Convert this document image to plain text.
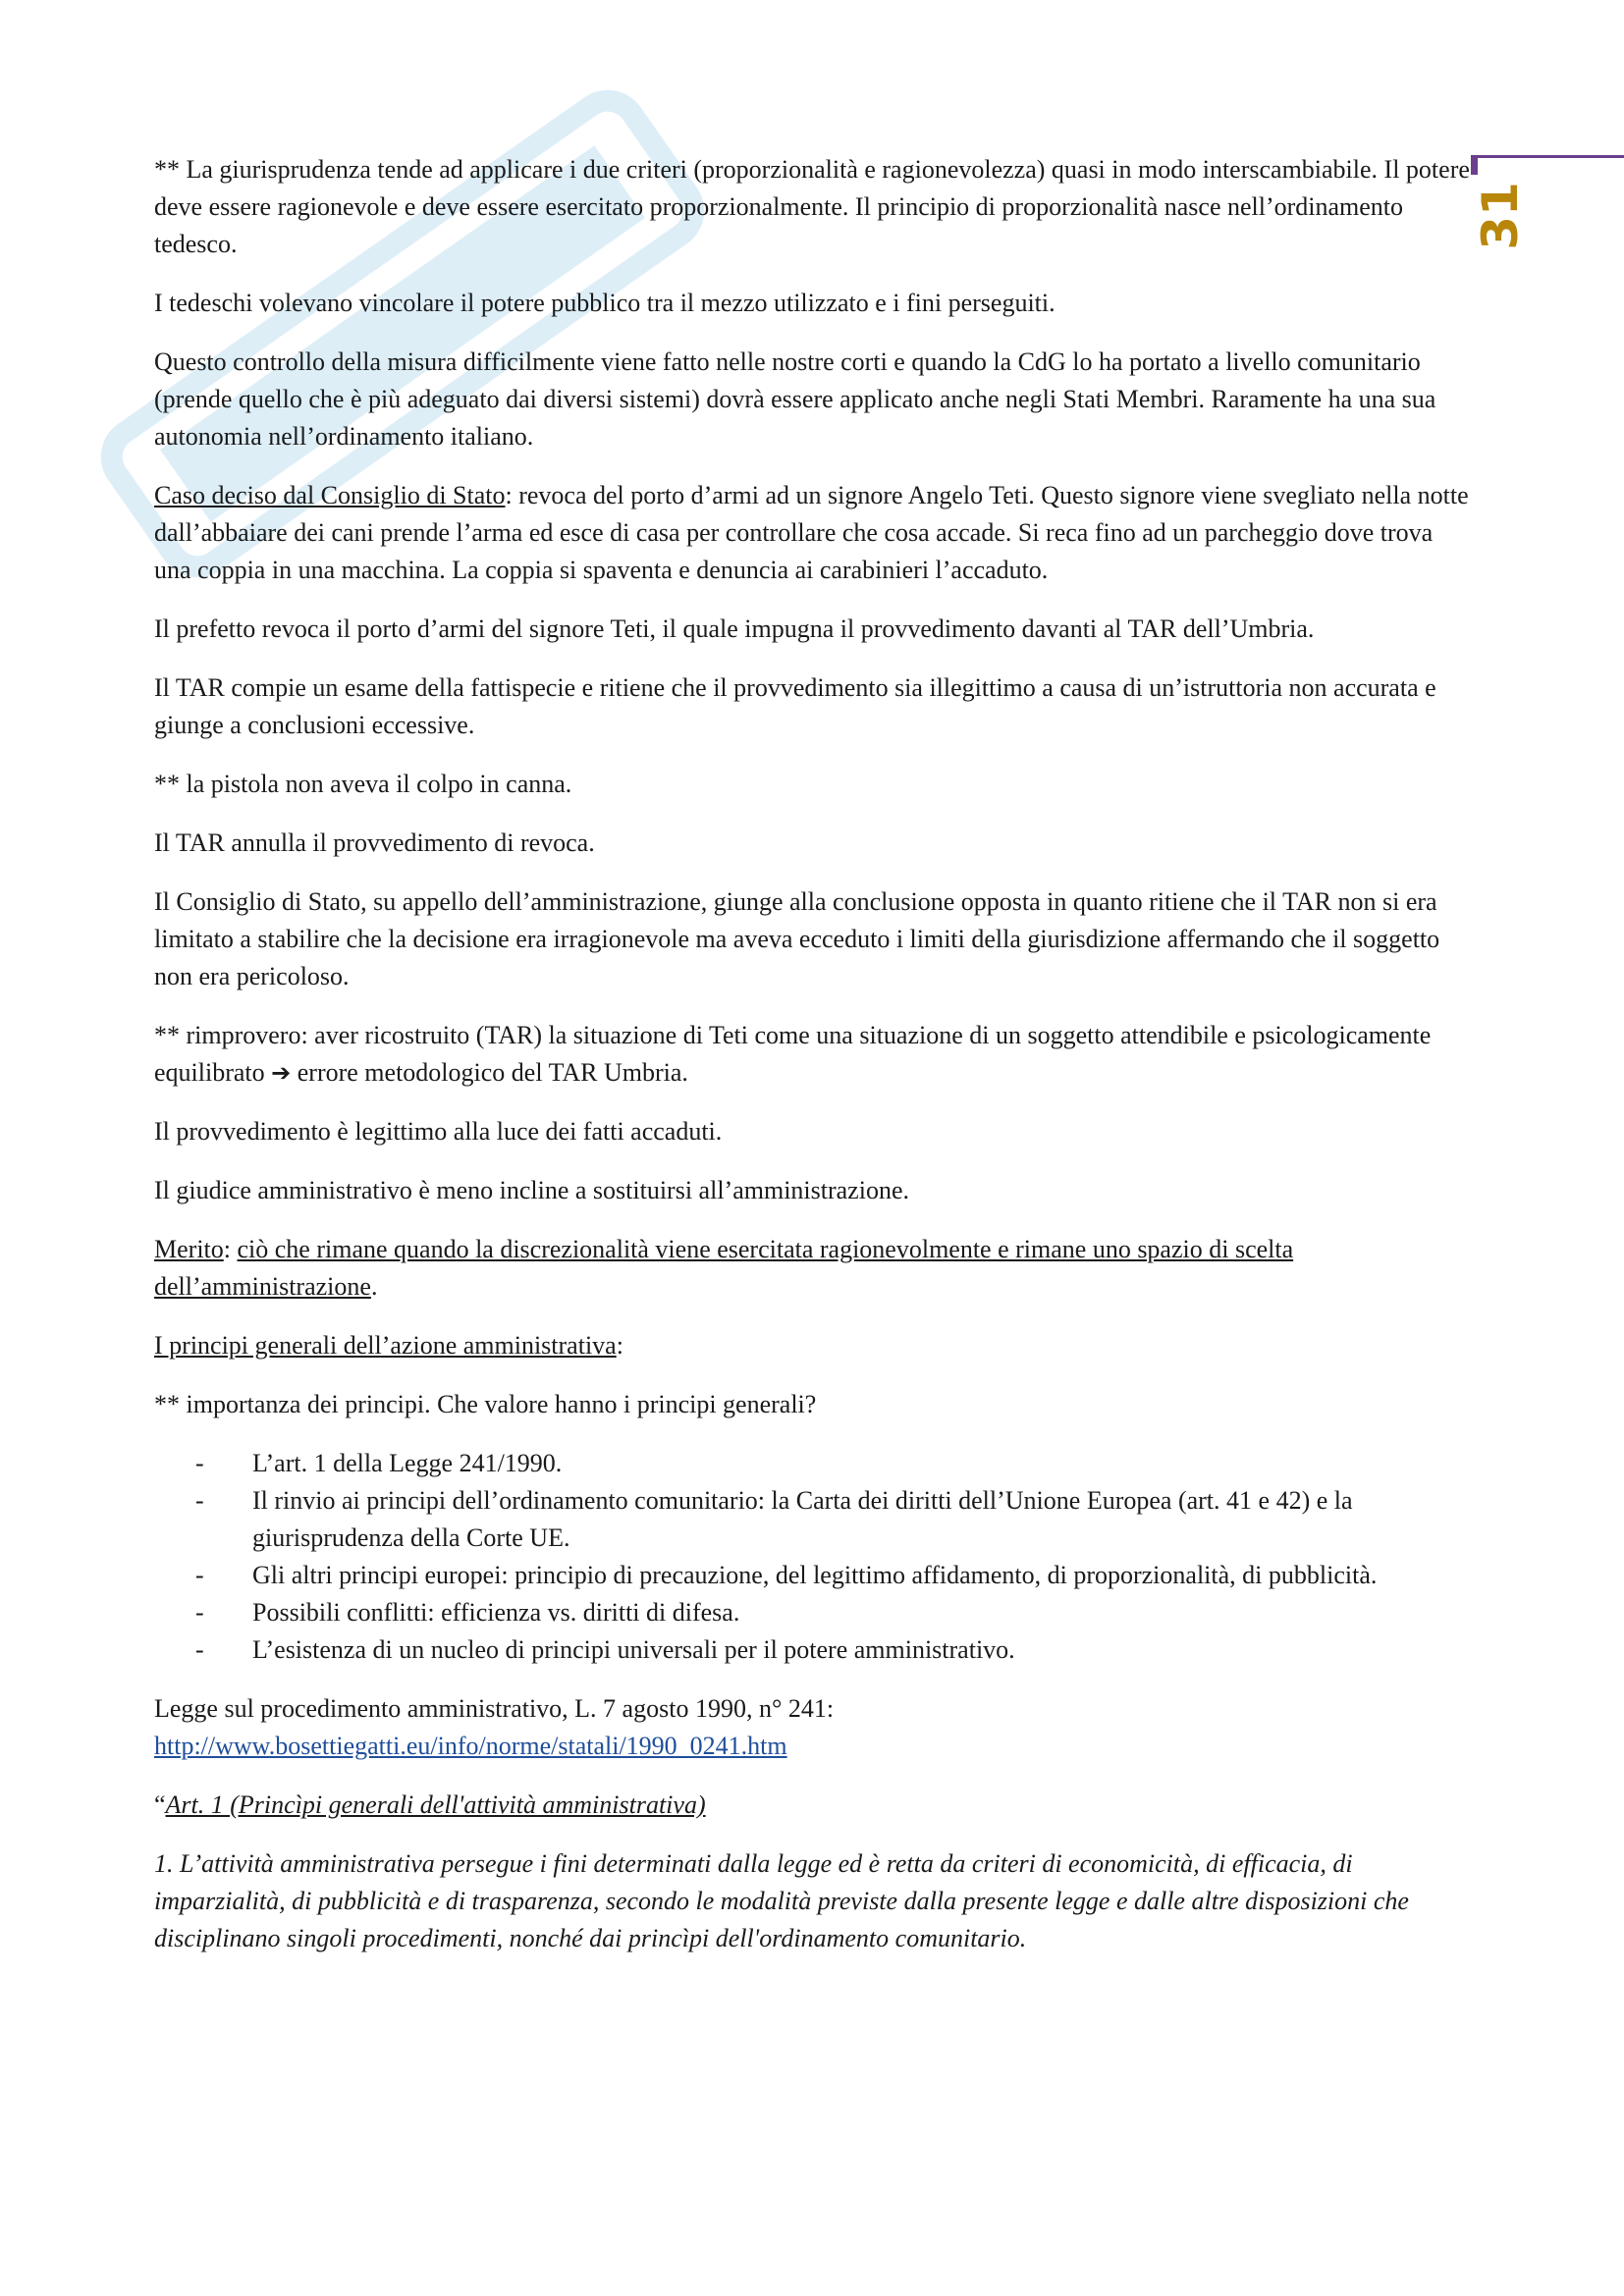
31

** La giurisprudenza tende ad applicare i due criteri (proporzionalità e ragionevolezza) quasi in modo interscambiabile. Il potere deve essere ragionevole e deve essere esercitato proporzionalmente. Il principio di proporzionalità nasce nell’ordinamento tedesco.

I tedeschi volevano vincolare il potere pubblico tra il mezzo utilizzato e i fini perseguiti.

Questo controllo della misura difficilmente viene fatto nelle nostre corti e quando la CdG lo ha portato a livello comunitario (prende quello che è più adeguato dai diversi sistemi) dovrà essere applicato anche negli Stati Membri. Raramente ha una sua autonomia nell’ordinamento italiano.

Caso deciso dal Consiglio di Stato: revoca del porto d’armi ad un signore Angelo Teti. Questo signore viene svegliato nella notte dall’abbaiare dei cani prende l’arma ed esce di casa per controllare che cosa accade. Si reca fino ad un parcheggio dove trova una coppia in una macchina. La coppia si spaventa e denuncia ai carabinieri l’accaduto.

Il prefetto revoca il porto d’armi del signore Teti, il quale impugna il provvedimento davanti al TAR dell’Umbria.

Il TAR compie un esame della fattispecie e ritiene che il provvedimento sia illegittimo a causa di un’istruttoria non accurata e giunge a conclusioni eccessive.

** la pistola non aveva il colpo in canna.

Il TAR annulla il provvedimento di revoca.

Il Consiglio di Stato, su appello dell’amministrazione, giunge alla conclusione opposta in quanto ritiene che il TAR non si era limitato a stabilire che la decisione era irragionevole ma aveva ecceduto i limiti della giurisdizione affermando che il soggetto non era pericoloso.

** rimprovero: aver ricostruito (TAR) la situazione di Teti come una situazione di un soggetto attendibile e psicologicamente equilibrato ➔ errore metodologico del TAR Umbria.

Il provvedimento è legittimo alla luce dei fatti accaduti.

Il giudice amministrativo è meno incline a sostituirsi all’amministrazione.

Merito: ciò che rimane quando la discrezionalità viene esercitata ragionevolmente e rimane uno spazio di scelta dell’amministrazione.

I principi generali dell’azione amministrativa:

** importanza dei principi. Che valore hanno i principi generali?

- L’art. 1 della Legge 241/1990.
- Il rinvio ai principi dell’ordinamento comunitario: la Carta dei diritti dell’Unione Europea (art. 41 e 42) e la giurisprudenza della Corte UE.
- Gli altri principi europei: principio di precauzione, del legittimo affidamento, di proporzionalità, di pubblicità.
- Possibili conflitti: efficienza vs. diritti di difesa.
- L’esistenza di un nucleo di principi universali per il potere amministrativo.

Legge sul procedimento amministrativo, L. 7 agosto 1990, n° 241:
http://www.bosettiegatti.eu/info/norme/statali/1990_0241.htm

“Art. 1 (Princìpi generali dell'attività amministrativa)

1. L’attività amministrativa persegue i fini determinati dalla legge ed è retta da criteri di economicità, di efficacia, di imparzialità, di pubblicità e di trasparenza, secondo le modalità previste dalla presente legge e dalle altre disposizioni che disciplinano singoli procedimenti, nonché dai princìpi dell'ordinamento comunitario.
